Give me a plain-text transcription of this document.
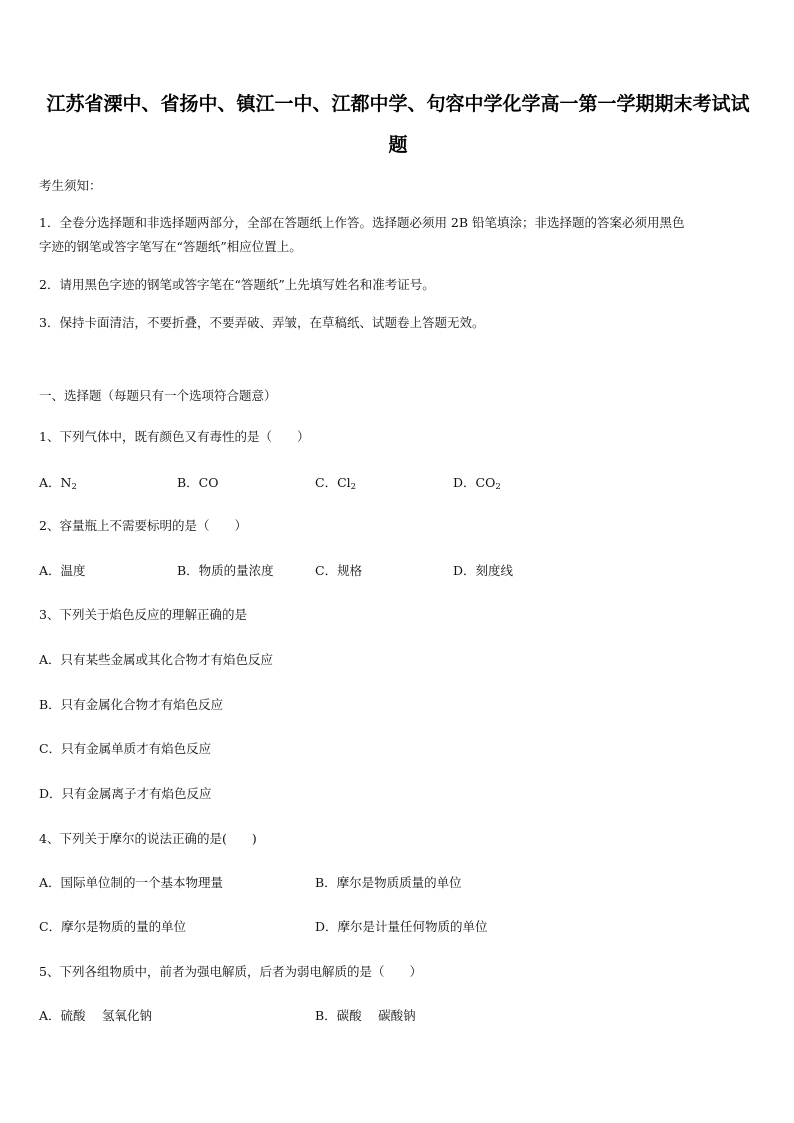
江苏省溧中、省扬中、镇江一中、江都中学、句容中学化学高一第一学期期末考试试
题
考生须知：
1．全卷分选择题和非选择题两部分，全部在答题纸上作答。选择题必须用 2B 铅笔填涂；非选择题的答案必须用黑色
字迹的钢笔或答字笔写在“答题纸”相应位置上。
2．请用黑色字迹的钢笔或答字笔在“答题纸”上先填写姓名和准考证号。
3．保持卡面清洁，不要折叠，不要弄破、弄皱，在草稿纸、试题卷上答题无效。
一、选择题（每题只有一个选项符合题意）
1、下列气体中，既有颜色又有毒性的是（　　）
A．$N_2$	B．CO	C．$Cl_2$	D．$CO_2$
2、容量瓶上不需要标明的是（　　）
A．温度	B．物质的量浓度	C．规格	D．刻度线
3、下列关于焰色反应的理解正确的是
A．只有某些金属或其化合物才有焰色反应
B．只有金属化合物才有焰色反应
C．只有金属单质才有焰色反应
D．只有金属离子才有焰色反应
4、下列关于摩尔的说法正确的是(　　)
A．国际单位制的一个基本物理量	B．摩尔是物质质量的单位
C．摩尔是物质的量的单位	D．摩尔是计量任何物质的单位
5、下列各组物质中，前者为强电解质，后者为弱电解质的是（　　）
A．硫酸　 氢氧化钠	B．碳酸　 碳酸钠
